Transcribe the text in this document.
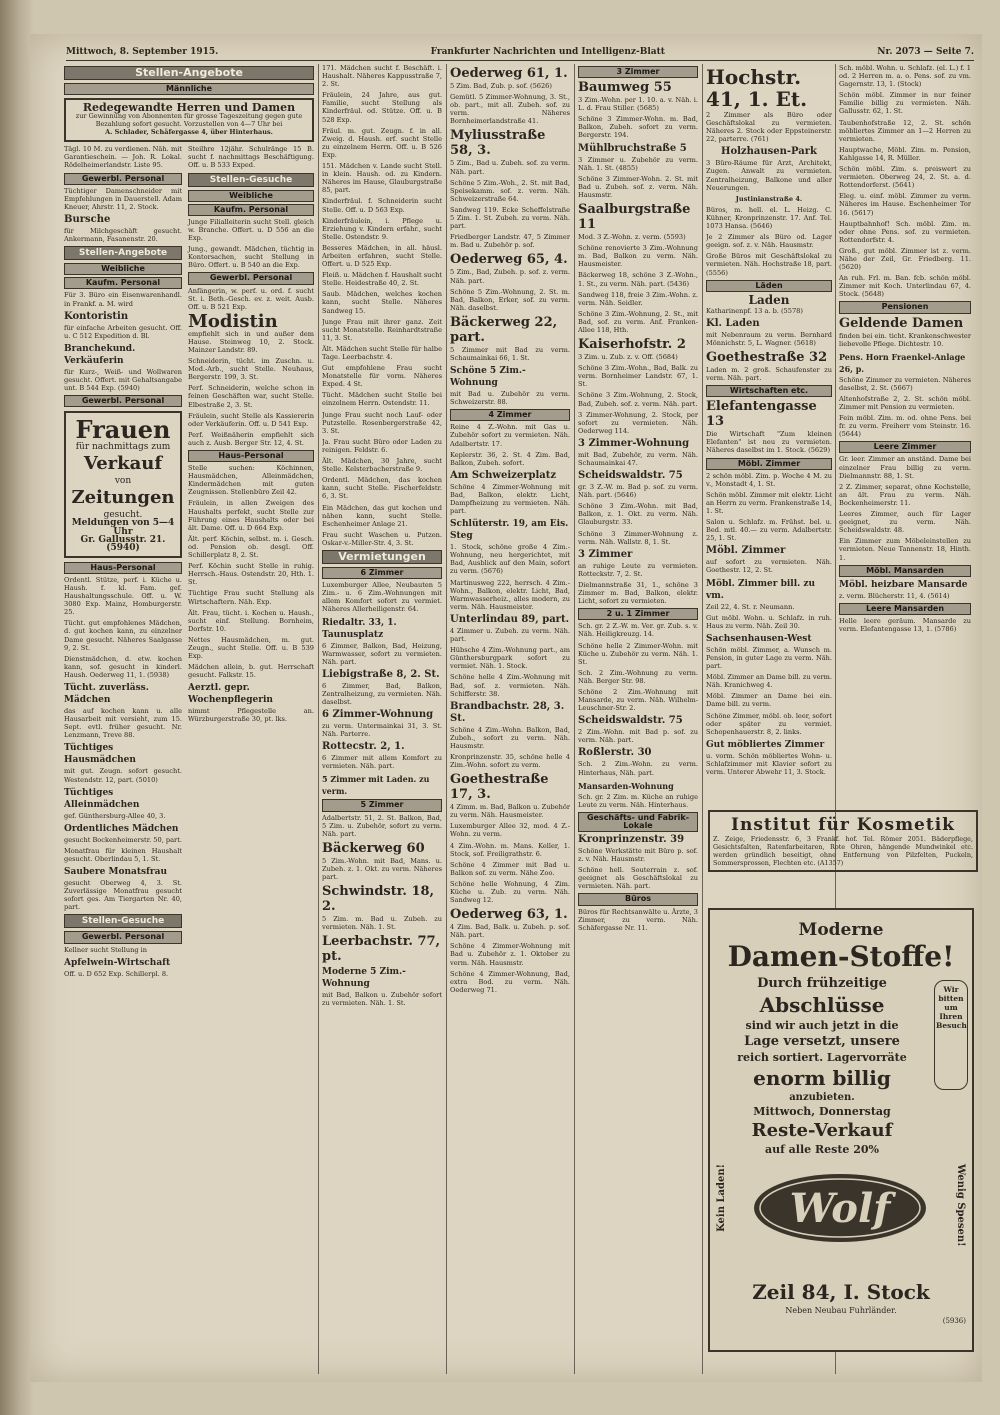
Mittwoch, 8. September 1915.	Frankfurter Nachrichten und Intelligenz-Blatt	Nr. 2073 — Seite 7.
Stellen-Angebote
Männliche
Redegewandte Herren und Damen
zur Gewinnung von Abonnenten für grosse Tageszeitung gegen gute Bezahlung sofort gesucht. Vorzustellen von 4—7 Uhr bei
A. Schlader, Schäfergasse 4, über Hinterhaus.
Tägl. 10 M. zu verdienen. Näh. mit Garantieschein. — Joh. R. Lokal. Rödelheimerlandstr. Liste 95.
Gewerbl. Personal
Tüchtiger Damenschneider mit Empfehlungen in Dauerstell. Adam Kneuer, Ahrstr. 11, 2. Stock.
Bursche
für Milchgeschäft gesucht. Ankermann, Fasanenstr. 20.
Stellen-Angebote
Weibliche
Kaufm. Personal
Für 3. Büro ein Eisenwarenhandl. in Frankf. a. M. wird
Kontoristin
für einfache Arbeiten gesucht. Off. u. C 512 Expedition d. Bl.
Branchekund. Verkäuferin
für Kurz-, Weiß- und Wollwaren gesucht. Offert. mit Gehaltsangabe unt. B 544 Exp. (5940)
Gewerbl. Personal
Frauen
für nachmittags zum
Verkauf
von
Zeitungen
gesucht.
Meldungen von 5—4 Uhr
Gr. Gallusstr. 21. (5940)
Haus-Personal
Ordentl. Stütze, perf. i. Küche u. Haush. f. kl. Fam. gef. Haushaltungsschule. Off. u. W. 3080 Exp. Mainz, Homburgerstr. 25.
Tücht. gut empfohlenes Mädchen, d. gut kochen kann, zu einzelner Dame gesucht. Näheres Saalgasse 9, 2. St.
Dienstmädchen, d. etw. kochen kann, sof. gesucht in kinderl. Haush. Oederweg 11, 1. (5938)
Tücht. zuverläss. Mädchen
das auf kochen kann u. alle Hausarbeit mit versieht, zum 15. Sept. evtl. früher gesucht. Nr. Lenzmann, Treve 88.
Tüchtiges Hausmädchen
mit gut. Zeugn. sofort gesucht. Westendstr. 12, part. (5010)
Tüchtiges Alleinmädchen
gef. Günthersburg-Allee 40, 3.
Ordentliches Mädchen
gesucht Bockenheimerstr. 50, part.
Monatfrau für kleinen Haushalt gesucht. Oberlindau 5, 1. St.
Saubere Monatsfrau
gesucht Oberweg 4, 3. St. Zuverlässige Monatfrau gesucht sofort ges. Am Tiergarten Nr. 40, part.
Stellen-Gesuche
Gewerbl. Personal
Kellner sucht Stellung in
Apfelwein-Wirtschaft
Off. u. D 652 Exp. Schillerpl. 8.
Steilhre 12jähr. Schulränge 15 B. sucht f. nachmittags Beschäftigung. Off. u. B 533 Exped.
Stellen-Gesuche
Weibliche
Kaufm. Personal
Junge Filialleiterin sucht Stell. gleich w. Branche. Offert. u. D 556 an die Exp.
Jung., gewandt. Mädchen, tüchtig in Kontorsachen, sucht Stellung in Büro. Offert. u. B 540 an die Exp.
Gewerbl. Personal
Anfängerin, w. perf. u. ord. f. sucht St. i. Beth.-Gesch. ev. z. weit. Ausb. Off. u. B 521 Exp.
Modistin
empfiehlt sich in und außer dem Hause. Steinweg 10, 2. Stock. Mainzer Landstr. 89.
Schneiderin, tücht. im Zuschn. u. Mod.-Arb., sucht Stelle. Neuhaus, Bergerstr. 199, 3. St.
Perf. Schneiderin, welche schon in feinen Geschäften war, sucht Stelle. Elbestraße 2, 3. St.
Fräulein, sucht Stelle als Kassiererin oder Verkäuferin. Off. u. D 541 Exp.
Perf. Weißnäherin empfiehlt sich auch z. Ausb. Berger Str. 12, 4. St.
Haus-Personal
Stelle suchen: Köchinnen, Hausmädchen, Alleinmädchen, Kindermädchen mit guten Zeugnissen. Stellenbüro Zeil 42.
Fräulein, in allen Zweigen des Haushalts perfekt, sucht Stelle zur Führung eines Haushalts oder bei ält. Dame. Off. u. D 664 Exp.
Ält. perf. Köchin, selbst. m. i. Gesch. od. Pension ob. desgl. Off. Schillerplatz 8, 2. St.
Perf. Köchin sucht Stelle in ruhig. Herrsch.-Haus. Ostendstr. 20, Hth. 1. St.
Tüchtige Frau sucht Stellung als Wirtschaftern. Näh. Exp.
Ält. Frau, tücht. i. Kochen u. Haush., sucht einf. Stellung. Bornheim, Dorfstr. 10.
Nettes Hausmädchen, m. gut. Zeugn., sucht Stelle. Off. u. B 539 Exp.
Mädchen allein, b. gut. Herrschaft gesucht. Falkstr. 15.
Aerztl. gepr. Wochenpflegerin
nimmt Pflegestelle an. Würzburgerstraße 30, pt. lks.
171. Mädchen sucht f. Beschäft. i. Haushalt. Näheres Kappusstraße 7, 2. St.
Fräulein, 24 Jahre, aus gut. Familie, sucht Stellung als Kinderfräul. od. Stütze. Off. u. B 528 Exp.
Fräul. m. gut. Zeugn. f. in all. Zweig. d. Haush. erf. sucht Stelle zu einzelnem Herrn. Off. u. B 526 Exp.
151. Mädchen v. Lande sucht Stell. in klein. Haush. od. zu Kindern. Näheres im Hause, Glauburgstraße 85, part.
Kinderfräul. f. Schneiderin sucht Stelle. Off. u. D 563 Exp.
Kinderfräulein, i. Pflege u. Erziehung v. Kindern erfahr., sucht Stelle. Ostendstr. 9.
Besseres Mädchen, in all. häusl. Arbeiten erfahren, sucht Stelle. Offert. u. D 525 Exp.
Fleiß. u. Mädchen f. Haushalt sucht Stelle. Heidestraße 40, 2. St.
Saub. Mädchen, welches kochen kann, sucht Stelle. Näheres Sandweg 15.
Junge Frau mit ihrer ganz. Zeit sucht Monatstelle. Reinhardtstraße 11, 3. St.
Ält. Mädchen sucht Stelle für halbe Tage. Leerbachstr. 4.
Gut empfohlene Frau sucht Monatstelle für vorm. Näheres Exped. 4 St.
Tücht. Mädchen sucht Stelle bei einzelnem Herrn. Ostendstr. 11.
Junge Frau sucht noch Lauf- oder Putzstelle. Rosenbergerstraße 42, 3. St.
Ja. Frau sucht Büro oder Laden zu reinigen. Feldstr. 6.
Ält. Mädchen, 30 Jahre, sucht Stelle. Kelsterbacherstraße 9.
Ordentl. Mädchen, das kochen kann, sucht Stelle. Fischerfeldstr. 6, 3. St.
Ein Mädchen, das gut kochen und nähen kann, sucht Stelle. Eschenheimer Anlage 21.
Frau sucht Waschen u. Putzen. Oskar-v.-Miller-Str. 4, 3. St.
Vermietungen
6 Zimmer
Luxemburger Allee, Neubauten 5 Zim.- u. 6 Zim.-Wohnungen mit allem Komfort sofort zu vermiet. Näheres Allerheiligenstr. 64.
Riedaltr. 33, 1. Taunusplatz
6 Zimmer, Balkon, Bad, Heizung, Warmwasser, sofort zu vermieten. Näh. part.
Liebigstraße 8, 2. St.
6 Zimmer, Bad, Balkon, Zentralheizung, zu vermieten. Näh. daselbst.
6 Zimmer-Wohnung
zu verm. Untermainkai 31, 3. St. Näh. Parterre.
Rottecstr. 2, 1.
6 Zimmer mit allem Komfort zu vermieten. Näh. part.
5 Zimmer mit Laden. zu verm.
5 Zimmer
Adalbertstr. 51, 2. St. Balkon, Bad, 5 Zim. u. Zubehör, sofort zu verm. Näh. part.
Bäckerweg 60
5 Zim.-Wohn. mit Bad, Mans. u. Zubeh. z. 1. Okt. zu verm. Näheres part.
Schwindstr. 18, 2.
5 Zim. m. Bad u. Zubeh. zu vermieten. Näh. 1. St.
Leerbachstr. 77, pt.
Moderne 5 Zim.-Wohnung
mit Bad, Balkon u. Zubehör sofort zu vermieten. Näh. 1. St.
Oederweg 61, 1.
5 Zim. Bad, Zub. p. sof. (5626)
Gemütl. 5 Zimmer-Wohnung, 3. St., ob. part., mit all. Zubeh. sof. zu verm. Näheres Bornheimerlandstraße 41.
Myliusstraße 58, 3.
5 Zim., Bad u. Zubeh. sof. zu verm. Näh. part.
Schöne 5 Zim.-Woh., 2. St. mit Bad, Speisekamm. sof. z. verm. Näh. Schweizerstraße 64.
Sandweg 119. Ecke Scheffelstraße 5 Zim. 1. St. Zubeh. zu verm. Näh. part.
Friedberger Landstr. 47, 5 Zimmer m. Bad u. Zubehör p. sof.
Oederweg 65, 4.
5 Zim., Bad, Zubeh. p. sof. z. verm. Näh. part.
Schöne 5 Zim.-Wohnung, 2. St. m. Bad, Balkon, Erker, sof. zu verm. Näh. daselbst.
Bäckerweg 22, part.
5 Zimmer mit Bad zu verm. Schaumainkai 66, 1. St.
Schöne 5 Zim.-Wohnung
mit Bad u. Zubehör zu verm. Schweizerstr. 88.
4 Zimmer
Reine 4 Z.-Wohn. mit Gas u. Zubehör sofort zu vermieten. Näh. Adalbertstr. 17.
Keplerstr. 36, 2. St. 4 Zim. Bad, Balkon, Zubeh. sofort.
Am Schweizerplatz
Schöne 4 Zimmer-Wohnung mit Bad, Balkon, elektr. Licht, Dampfheizung zu vermieten. Näh. part.
Schlüterstr. 19, am Eis. Steg
1. Stock, schöne große 4 Zim.-Wohnung, neu hergerichtet, mit Bad, Ausblick auf den Main, sofort zu verm. (5676)
Martinusweg 222, herrsch. 4 Zim.-Wohn., Balkon, elektr. Licht, Bad, Warmwasserheiz., alles modern, zu verm. Näh. Hausmeister.
Unterlindau 89, part.
4 Zimmer u. Zubeh. zu verm. Näh. part.
Hübsche 4 Zim.-Wohnung part., am Günthersburgpark sofort zu vermiet. Näh. 1. Stock.
Schöne helle 4 Zim.-Wohnung mit Bad, sof. z. vermieten. Näh. Schifferstr. 38.
Brandbachstr. 28, 3. St.
Schöne 4 Zim.-Wohn. Balkon, Bad, Zubeh., sofort zu verm. Näh. Hausmstr.
Kronprinzenstr. 35, schöne helle 4 Zim.-Wohn. sofort zu verm.
Goethestraße 17, 3.
4 Zimm. m. Bad, Balkon u. Zubehör zu verm. Näh. Hausmeister.
Luxemburger Allee 32, mod. 4 Z.-Wohn. zu verm.
4 Zim.-Wohn. m. Mans. Keller, 1. Stock, sof. Freiligrathstr. 6.
Schöne 4 Zimmer mit Bad u. Balkon sof. zu verm. Nähe Zoo.
Schöne helle Wohnung, 4 Zim. Küche u. Zub. zu verm. Näh. Sandweg 12.
Oederweg 63, 1.
4 Zim. Bad, Balk. u. Zubeh. p. sof. Näh. part.
Schöne 4 Zimmer-Wohnung mit Bad u. Zubehör z. 1. Oktober zu verm. Näh. Hausmstr.
Schöne 4 Zimmer-Wohnung, Bad, extra Bod. zu verm. Näh. Oederweg 71.
3 Zimmer
Baumweg 55
3 Zim.-Wohn. per 1. 10. a. v. Näh. i. L. d. Frau Stiller. (5685)
Schöne 3 Zimmer-Wohn. m. Bad, Balkon, Zubeh. sofort zu verm. Bergerstr. 194.
Mühlbruchstraße 5
3 Zimmer u. Zubehör zu verm. Näh. 1. St. (4855)
Schöne 3 Zimmer-Wohn. 2. St. mit Bad u. Zubeh. sof. z. verm. Näh. Hausmstr.
Saalburgstraße 11
Mod. 3 Z.-Wohn. z. verm. (5593)
Schöne renovierte 3 Zim.-Wohnung m. Bad, Balkon zu verm. Näh. Hausmeister.
Bäckerweg 18, schöne 3 Z.-Wohn., 1. St., zu verm. Näh. part. (5436)
Sandweg 118, freie 3 Zim.-Wohn. z. verm. Näh. Seidler.
Schöne 3 Zim.-Wohnung, 2. St., mit Bad, sof. zu verm. Anf. Franken-Allee 118, Hth.
Kaiserhofstr. 2
3 Zim. u. Zub. z. v. Off. (5684)
Schöne 3 Zim.-Wohn., Bad, Balk. zu verm. Bornheimer Landstr. 67, 1. St.
Schöne 3 Zim.-Wohnung, 2. Stock, Bad, Zubeh. sof. z. verm. Näh. part.
3 Zimmer-Wohnung, 2. Stock, per sofort zu vermieten. Näh. Oederweg 114.
3 Zimmer-Wohnung
mit Bad, Zubehör, zu verm. Näh. Schaumainkai 47.
Scheidswaldstr. 75
gr. 3 Z.-W. m. Bad p. sof. zu verm. Näh. part. (5646)
Schöne 3 Zim.-Wohn. mit Bad, Balkon, z. 1. Okt. zu verm. Näh. Glauburgstr. 33.
Schöne 3 Zimmer-Wohnung z. verm. Näh. Wallstr. 8, 1. St.
3 Zimmer
an ruhige Leute zu vermieten. Rotteckstr. 7, 2. St.
Dielmannstraße 31, 1., schöne 3 Zimmer m. Bad, Balkon, elektr. Licht, sofort zu vermieten.
2 u. 1 Zimmer
Sch. gr. 2 Z.-W. m. Ver. gr. Zub. s. v. Näh. Heiligkreuzg. 14.
Schöne helle 2 Zimmer-Wohn. mit Küche u. Zubehör zu verm. Näh. 1. St.
Sch. 2 Zim.-Wohnung zu verm. Näh. Berger Str. 98.
Schöne 2 Zim.-Wohnung mit Mansarde, zu verm. Näh. Wilhelm-Leuschner-Str. 2.
Scheidswaldstr. 75
2 Zim.-Wohn. mit Bad p. sof. zu verm. Näh. part.
Roßlerstr. 30
Sch. 2 Zim.-Wohn. zu verm. Hinterhaus, Näh. part.
Mansarden-Wohnung
Sch. gr. 2 Zim. m. Küche an ruhige Leute zu verm. Näh. Hinterhaus.
Geschäfts- und Fabrik-Lokale
Kronprinzenstr. 39
Schöne Werkstätte mit Büro p. sof. z. v. Näh. Hausmstr.
Schöne hell. Souterrain z. sof. geeignet als Geschäftslokal zu vermieten. Näh. part.
Büros
Büros für Rechtsanwälte u. Ärzte, 3 Zimmer, zu verm. Näh. Schäfergasse Nr. 11.
Hochstr. 41, 1. Et.
2 Zimmer als Büro oder Geschäftslokal zu vermieten. Näheres 2. Stock oder Eppsteinerstr. 22, parterre. (761)
Holzhausen-Park
3 Büro-Räume für Arzt, Architekt, Zugen. Anwalt zu vermieten. Zentralheizung, Balkone und aller Neuerungen.
Justinianstraße 4.
Büros, m. hell. el. L. Heizg. C. Kühner, Kronprinzenstr. 17. Anf. Tel. 1073 Hansa. (5646)
Je 2 Zimmer als Büro od. Lager geeign. sof. z. v. Näh. Hausmstr.
Große Büros mit Geschäftslokal zu vermieten. Näh. Hochstraße 18, part. (5556)
Läden
Laden
Katharinenpf. 13 a. b. (5578)
Kl. Laden
mit Nebenraum zu verm. Bernhard Mönnichstr. 5, L. Wagner. (5618)
Goethestraße 32
Laden m. 2 groß. Schaufenster zu verm. Näh. part.
Wirtschaften etc.
Elefantengasse 13
Die Wirtschaft "Zum kleinen Elefanten" ist neu zu vermieten. Näheres daselbst im 1. Stock. (5629)
Möbl. Zimmer
2 schön möbl. Zim. p. Woche 4 M. zu v., Monstadt 4, 1. St.
Schön möbl. Zimmer mit elektr. Licht an Herrn zu verm. Frankenstraße 14, 1. St.
Salon u. Schlafz. m. Frühst. bel. u. Bed. mtl. 40.— zu verm. Adalbertstr. 25, 1. St.
Möbl. Zimmer
auf sofort zu vermieten. Näh. Goethestr. 12, 2. St.
Möbl. Zimmer bill. zu vm.
Zeil 22, 4. St. r. Neumann.
Gut möbl. Wohn. u. Schlafz. in ruh. Haus zu verm. Näh. Zeil 30.
Sachsenhausen-West
Schön möbl. Zimmer, a. Wunsch m. Pension, in guter Lage zu verm. Näh. part.
Möbl. Zimmer an Dame bill. zu verm. Näh. Kranichweg 4.
Möbl. Zimmer an Dame bei ein. Dame bill. zu verm.
Schöne Zimmer, möbl. ob. leer, sofort oder später zu vermiet. Schopenhauerstr. 8, 2. links.
Gut möbliertes Zimmer
u. vorm. Schön möbliertes Wohn- u. Schlafzimmer mit Klavier sofort zu verm. Unterer Abwehr 11, 3. Stock.
Sch. möbl. Wohn. u. Schlafz. (el. L.) f. 1 od. 2 Herren m. a. o. Pens. sof. zu vm. Gagernstr. 13, 1. (Stock)
Schön möbl. Zimmer in nur feiner Familie billig zu vermieten. Näh. Gallusstr. 62, 1. St.
Taubenhofstraße 12, 2. St. schön möbliertes Zimmer an 1—2 Herren zu vermieten.
Hauptwache, Möbl. Zim. m. Pension, Kahlgasse 14, R. Müller.
Schön möbl. Zim. s. preiswert zu vermieten. Oberweg 24, 2. St. a. d. Rottendorferst. (5641)
Eleg. u. einf. möbl. Zimmer zu verm. Näheres im Hause. Eschenheimer Tor 16. (5617)
Hauptbahnhof! Sch. möbl. Zim. m. oder ohne Pens. sof. zu vermieten. Rottendorfstr. 4.
Groß., gut möbl. Zimmer ist z. verm. Nähe der Zeil, Gr. Friedberg. 11. (5620)
An ruh. Frl. m. Ban. fcb. schön möbl. Zimmer mit Koch. Unterlindau 67, 4. Stock. (5648)
Pensionen
Geldende Damen
finden bei ein. ticht. Krankenschwester liebevolle Pflege. Dichtestr. 10.
Pens. Horn Fraenkel-Anlage 26, p.
Schöne Zimmer zu vermieten. Näheres daselbst, 2. St. (5667)
Altenhofstraße 2, 2. St. schön möbl. Zimmer mit Pension zu vermieten.
Fein möbl. Zim. m. od. ohne Pens. bei fr. zu verm. Freiherr vom Steinstr. 16. (5644)
Leere Zimmer
Gr. leer. Zimmer an anständ. Dame bei einzelner Frau billig zu verm. Dielmannstr. 88, 1. St.
2 Z. Zimmer, separat, ohne Kochstelle, an ält. Frau zu verm. Näh. Bockenheimerstr. 11.
Leeres Zimmer, auch für Lager geeignet, zu verm. Näh. Scheidswaldstr. 48.
Ein Zimmer zum Möbeleinstellen zu vermieten. Neue Tannenstr. 18, Hinth. 1.
Möbl. Mansarden
Möbl. heizbare Mansarde
z. verm. Blücherstr. 11, 4. (5614)
Leere Mansarden
Helle leere geräum. Mansarde zu verm. Elefantengasse 13, 1. (5786)
Institut für Kosmetik
Z. Zeige, Friedensstr. 6, 3 Frankf. hof. Tel. Römer 2051. Bäderpflege, Gesichtsfalten, Ratenfarbeitaren, Rote Ohren, hängende Mundwinkel etc. werden gründlich beseitigt, ohne Entfernung von Pilzfelten, Puckeln, Sommersprossen, Flechten etc. (A1357)
Moderne
Damen-Stoffe!
Durch frühzeitige
Abschlüsse
sind wir auch jetzt in die
Lage versetzt, unsere
reich sortiert. Lagervorräte
enorm billig
anzubieten.
Mittwoch, Donnerstag
Reste-Verkauf
auf alle Reste 20%
Wir bitten um Ihren Besuch
Kein Laden!	Wenig Spesen!
Wolf
Zeil 84, I. Stock
Neben Neubau Fuhrländer.
(5936)
